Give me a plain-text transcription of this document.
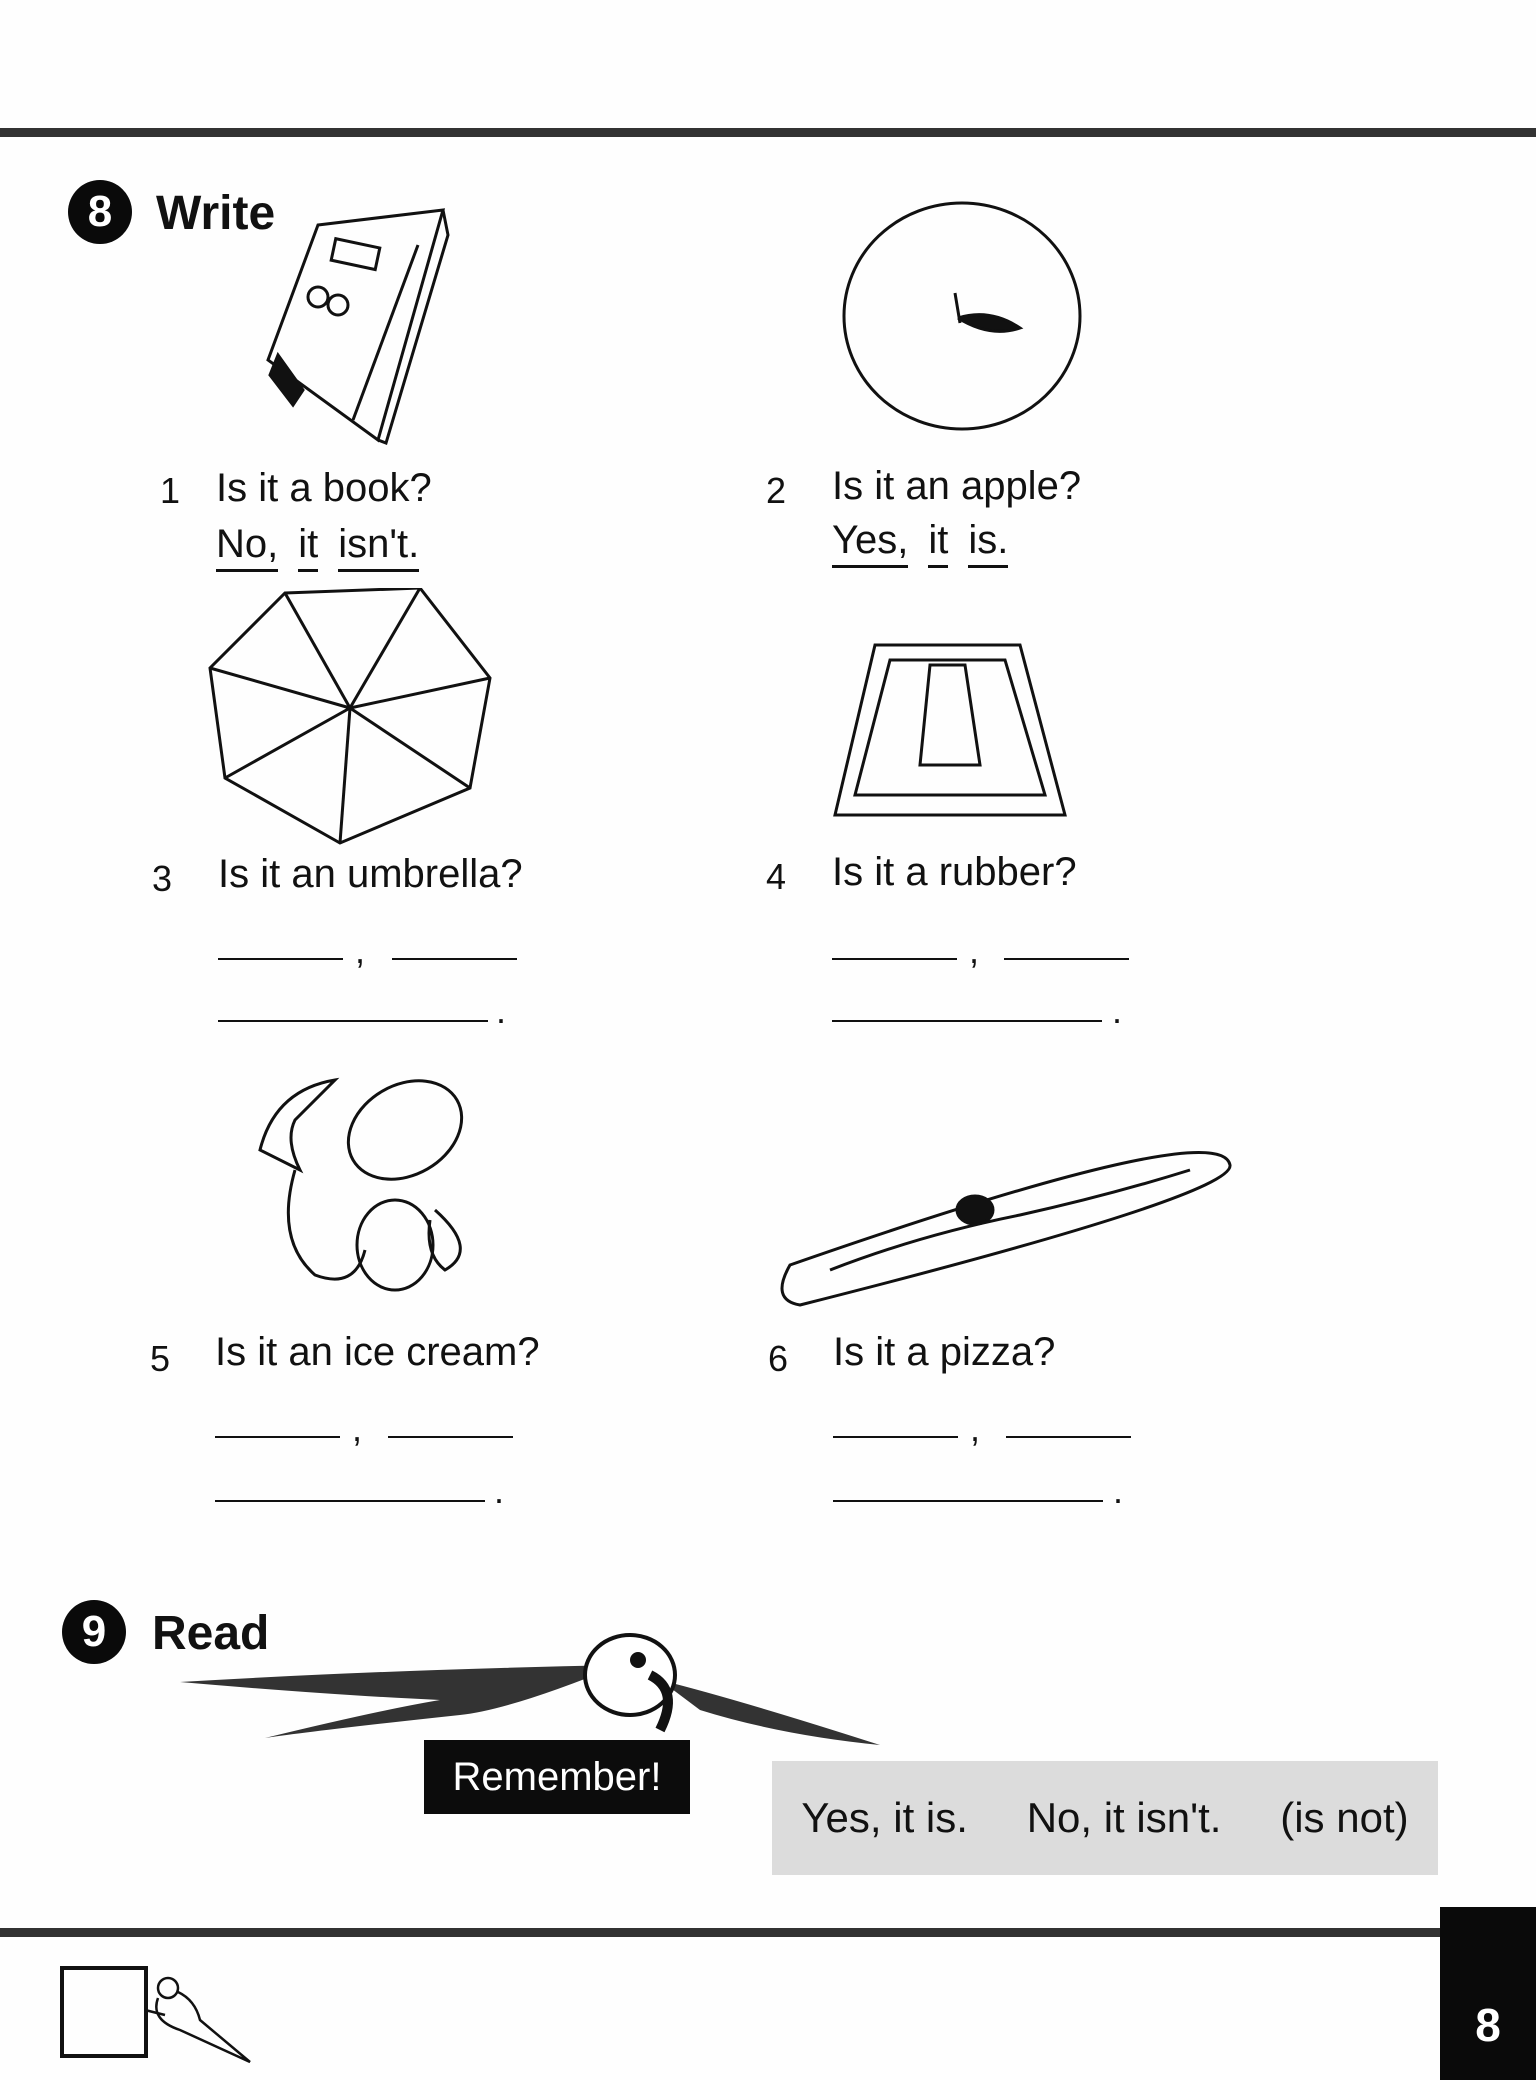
8 Write
1 Is it a book?
No, it isn't.
2 Is it an apple?
Yes, it is.
3 Is it an umbrella?
,
.
4 Is it a rubber?
,
.
5 Is it an ice cream?
,
.
6 Is it a pizza?
,
.
9 Read
Remember!
Yes, it is. No, it isn't. (is not)
8
